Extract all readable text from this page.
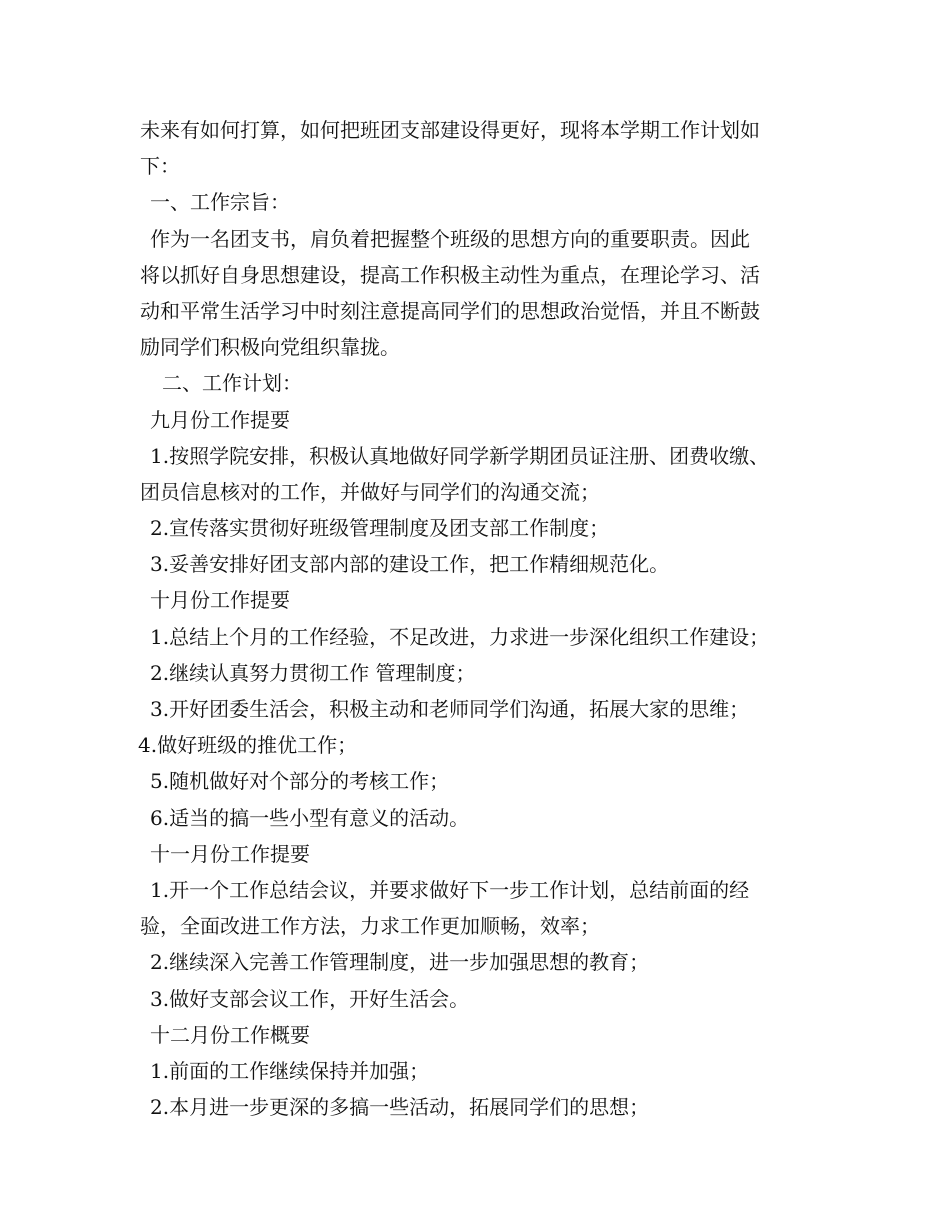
未来有如何打算，如何把班团支部建设得更好，现将本学期工作计划如
下：
一、工作宗旨：
作为一名团支书，肩负着把握整个班级的思想方向的重要职责。因此
将以抓好自身思想建设，提高工作积极主动性为重点，在理论学习、活
动和平常生活学习中时刻注意提高同学们的思想政治觉悟，并且不断鼓
励同学们积极向党组织靠拢。
二、工作计划：
九月份工作提要
1.按照学院安排，积极认真地做好同学新学期团员证注册、团费收缴、
团员信息核对的工作，并做好与同学们的沟通交流；
2.宣传落实贯彻好班级管理制度及团支部工作制度；
3.妥善安排好团支部内部的建设工作，把工作精细规范化。
十月份工作提要
1.总结上个月的工作经验，不足改进，力求进一步深化组织工作建设；
2.继续认真努力贯彻工作 管理制度；
3.开好团委生活会，积极主动和老师同学们沟通，拓展大家的思维；
4.做好班级的推优工作；
5.随机做好对个部分的考核工作；
6.适当的搞一些小型有意义的活动。
十一月份工作提要
1.开一个工作总结会议，并要求做好下一步工作计划，总结前面的经
验，全面改进工作方法，力求工作更加顺畅，效率；
2.继续深入完善工作管理制度，进一步加强思想的教育；
3.做好支部会议工作，开好生活会。
十二月份工作概要
1.前面的工作继续保持并加强；
2.本月进一步更深的多搞一些活动，拓展同学们的思想；
